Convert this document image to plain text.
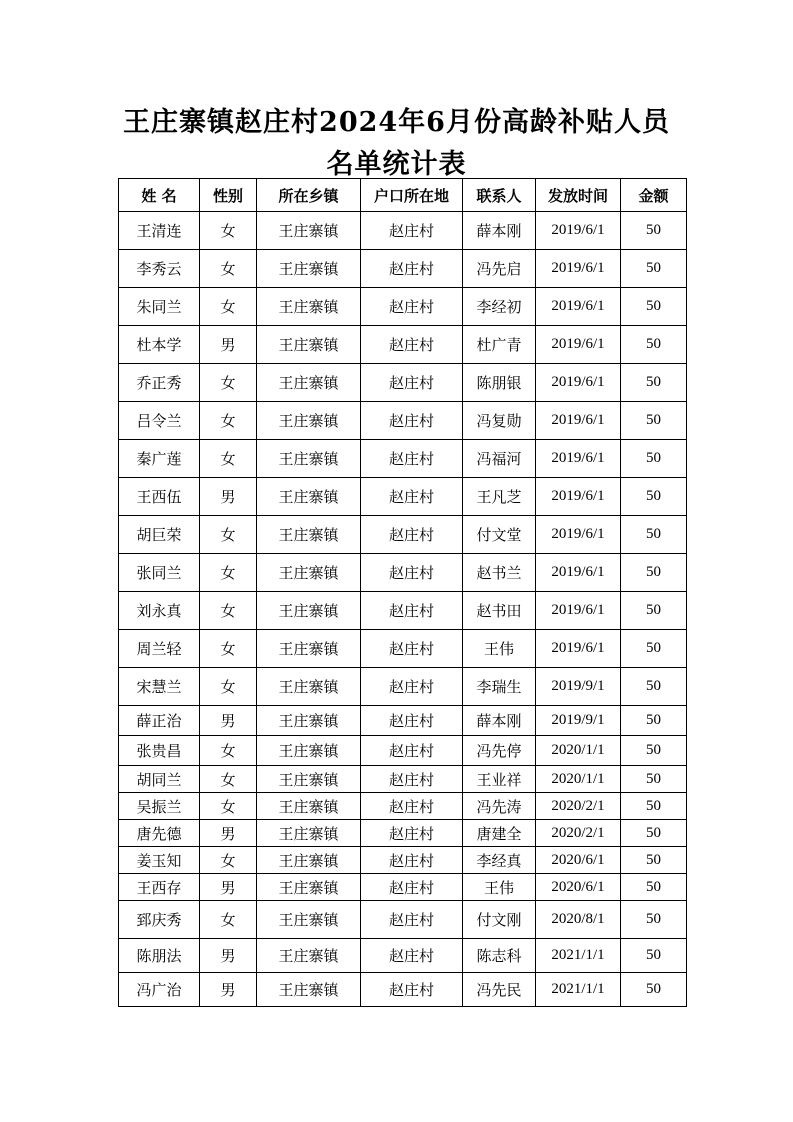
王庄寨镇赵庄村2024年6月份高龄补贴人员
名单统计表
姓 名	性别	所在乡镇	户口所在地	联系人	发放时间	金额
王清连	女	王庄寨镇	赵庄村	薛本刚	2019/6/1	50
李秀云	女	王庄寨镇	赵庄村	冯先启	2019/6/1	50
朱同兰	女	王庄寨镇	赵庄村	李经初	2019/6/1	50
杜本学	男	王庄寨镇	赵庄村	杜广青	2019/6/1	50
乔正秀	女	王庄寨镇	赵庄村	陈朋银	2019/6/1	50
吕令兰	女	王庄寨镇	赵庄村	冯复勋	2019/6/1	50
秦广莲	女	王庄寨镇	赵庄村	冯福河	2019/6/1	50
王西伍	男	王庄寨镇	赵庄村	王凡芝	2019/6/1	50
胡巨荣	女	王庄寨镇	赵庄村	付文堂	2019/6/1	50
张同兰	女	王庄寨镇	赵庄村	赵书兰	2019/6/1	50
刘永真	女	王庄寨镇	赵庄村	赵书田	2019/6/1	50
周兰轻	女	王庄寨镇	赵庄村	王伟	2019/6/1	50
宋慧兰	女	王庄寨镇	赵庄村	李瑞生	2019/9/1	50
薛正治	男	王庄寨镇	赵庄村	薛本刚	2019/9/1	50
张贵昌	女	王庄寨镇	赵庄村	冯先停	2020/1/1	50
胡同兰	女	王庄寨镇	赵庄村	王业祥	2020/1/1	50
吴振兰	女	王庄寨镇	赵庄村	冯先涛	2020/2/1	50
唐先德	男	王庄寨镇	赵庄村	唐建全	2020/2/1	50
姜玉知	女	王庄寨镇	赵庄村	李经真	2020/6/1	50
王西存	男	王庄寨镇	赵庄村	王伟	2020/6/1	50
郅庆秀	女	王庄寨镇	赵庄村	付文刚	2020/8/1	50
陈朋法	男	王庄寨镇	赵庄村	陈志科	2021/1/1	50
冯广治	男	王庄寨镇	赵庄村	冯先民	2021/1/1	50
